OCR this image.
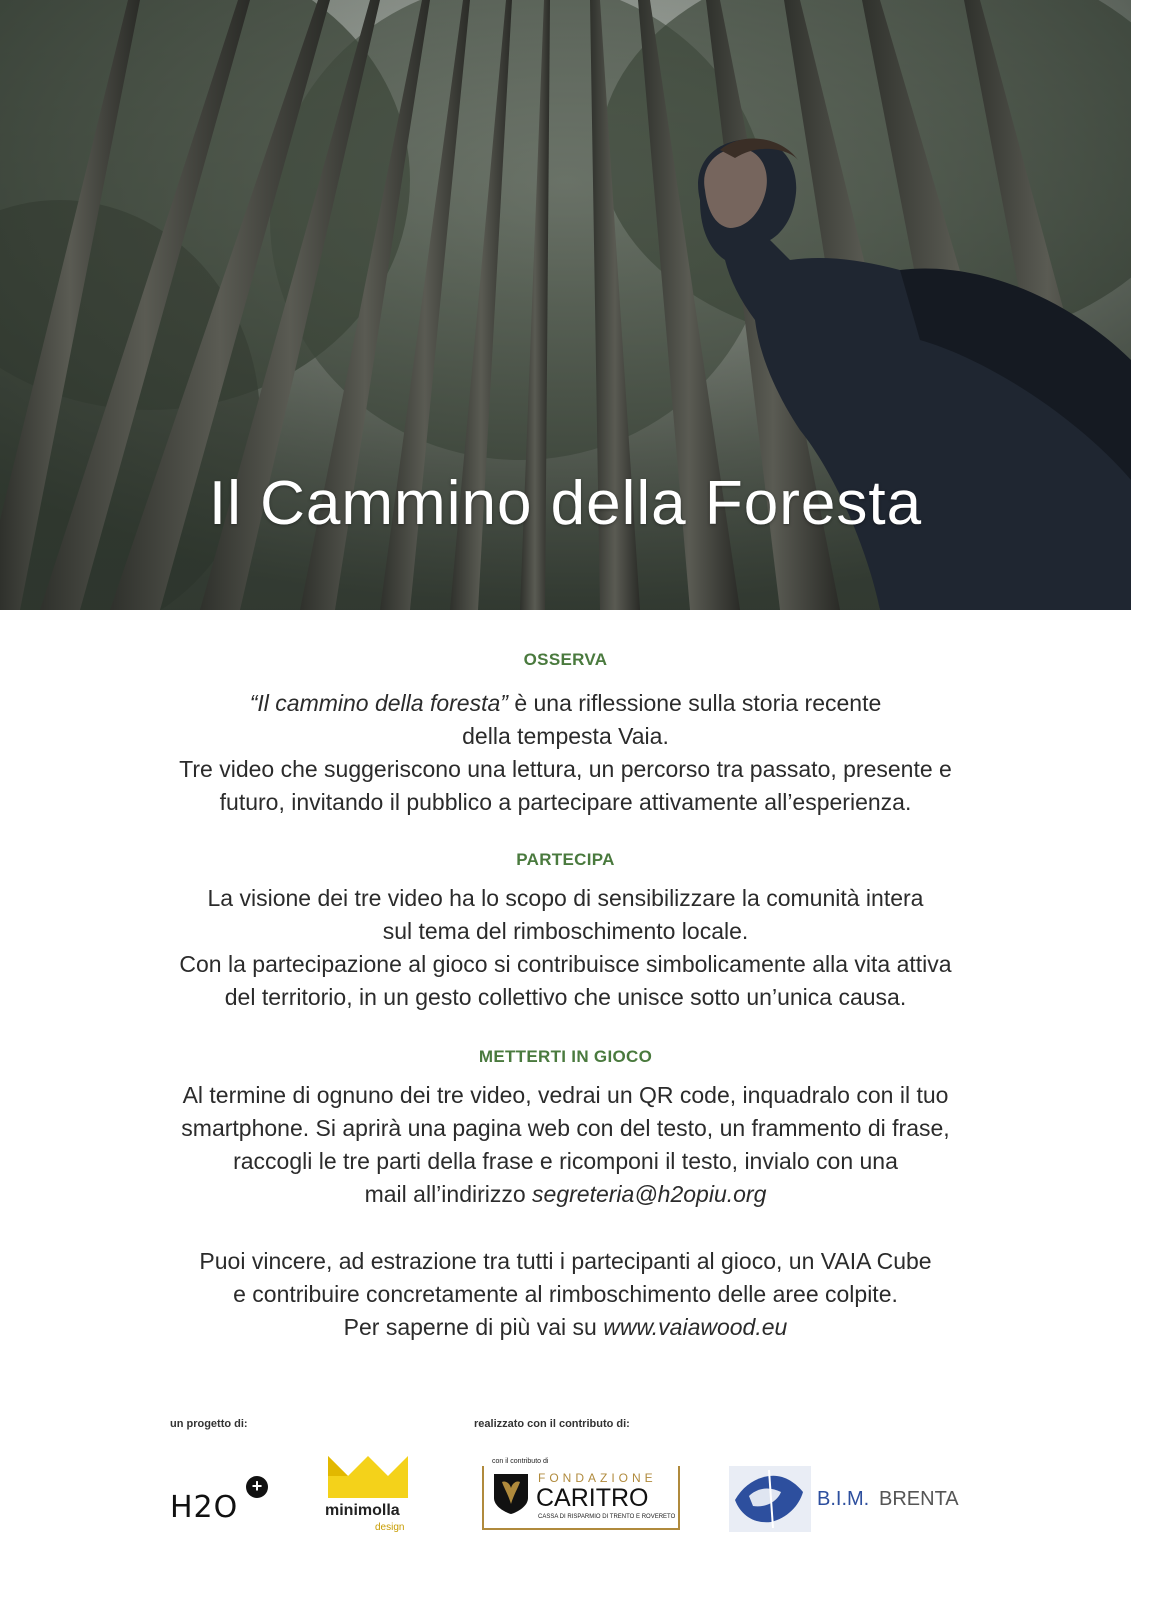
Il Cammino della Foresta

OSSERVA

“Il cammino della foresta” è una riflessione sulla storia recente

della tempesta Vaia.

Tre video che suggeriscono una lettura, un percorso tra passato, presente e

futuro, invitando il pubblico a partecipare attivamente all’esperienza.

PARTECIPA

La visione dei tre video ha lo scopo di sensibilizzare la comunità intera

sul tema del rimboschimento locale.

Con la partecipazione al gioco si contribuisce simbolicamente alla vita attiva

del territorio, in un gesto collettivo che unisce sotto un’unica causa.

METTERTI IN GIOCO

Al termine di ognuno dei tre video, vedrai un QR code, inquadralo con il tuo

smartphone. Si aprirà una pagina web con del testo, un frammento di frase,

raccogli le tre parti della frase e ricomponi il testo, invialo con una

mail all’indirizzo segreteria@h2opiu.org

Puoi vincere, ad estrazione tra tutti i partecipanti al gioco, un VAIA Cube

e contribuire concretamente al rimboschimento delle aree colpite.

Per saperne di più vai su www.vaiawood.eu

un progetto di:	realizzato con il contributo di:
H2O
+
minimolla
design
con il contributo di
FONDAZIONE
CARITRO
CASSA DI RISPARMIO DI TRENTO E ROVERETO
B.I.M. BRENTA
